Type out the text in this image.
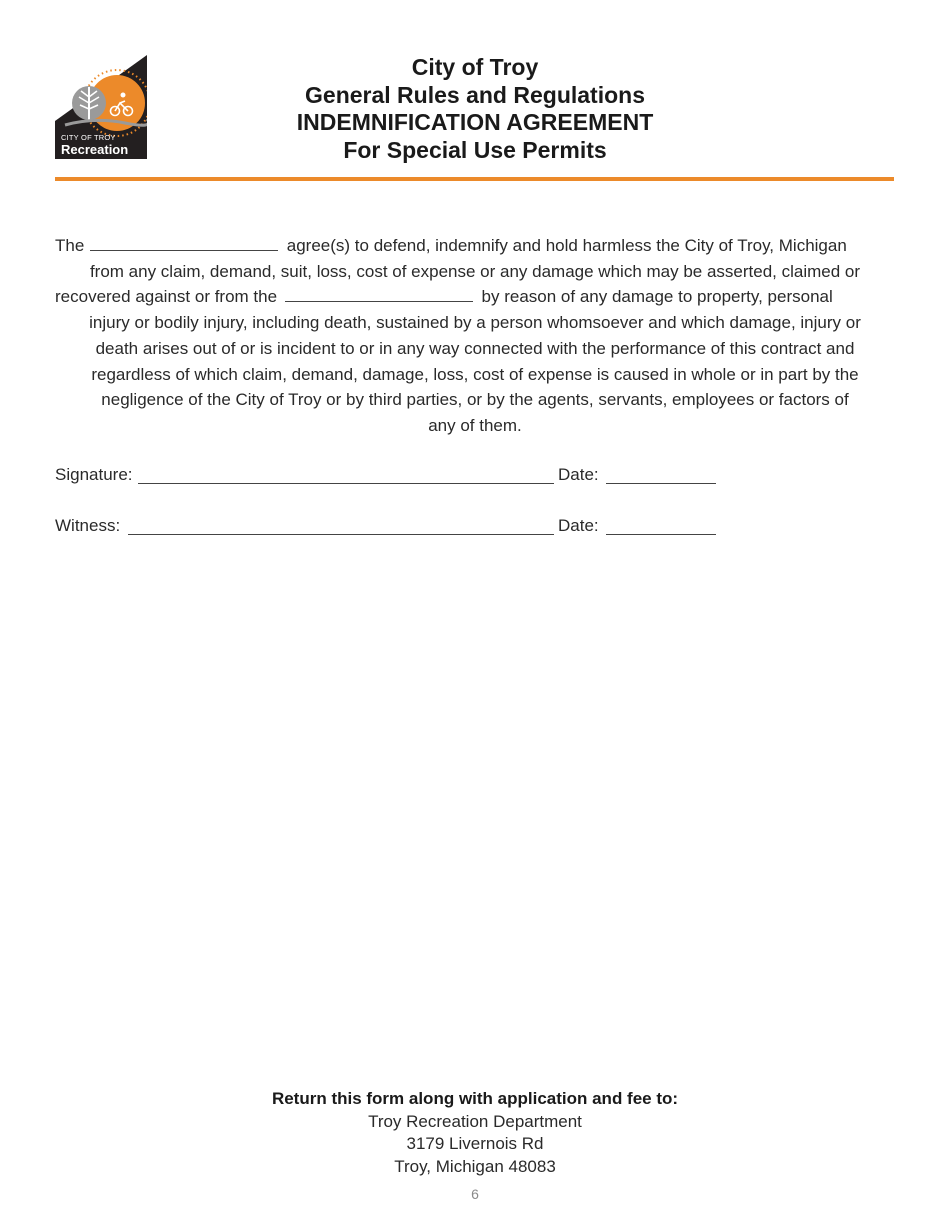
CITY OF TROY
Recreation
City of Troy
General Rules and Regulations
INDEMNIFICATION AGREEMENT
For Special Use Permits
The	agree(s) to defend, indemnify and hold harmless the City of Troy, Michigan
from any claim, demand, suit, loss, cost of expense or any damage which may be asserted, claimed or
recovered against or from the	by reason of any damage to property, personal
injury or bodily injury, including death, sustained by a person whomsoever and which damage, injury or
death arises out of or is incident to or in any way connected with the performance of this contract and
regardless of which claim, demand, damage, loss, cost of expense is caused in whole or in part by the
negligence of the City of Troy or by third parties, or by the agents, servants, employees or factors of
any of them.
Signature:	Date:
Witness:	Date:
Return this form along with application and fee to:
Troy Recreation Department
3179 Livernois Rd
Troy, Michigan 48083
6
